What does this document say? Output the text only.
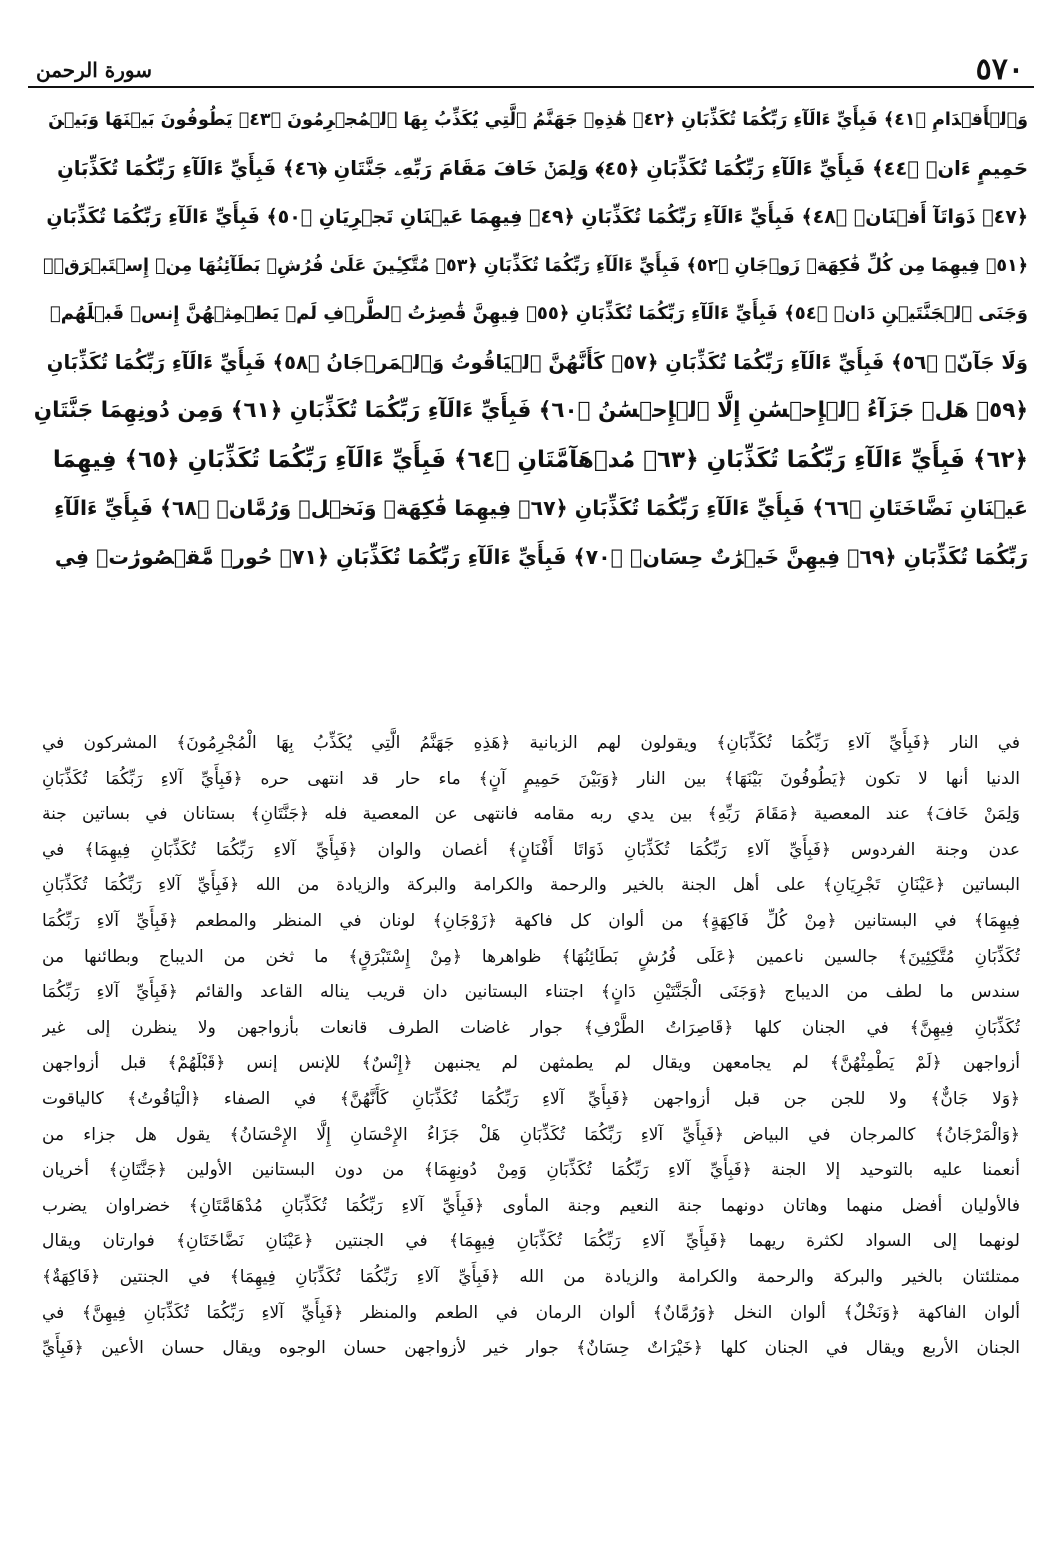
٥٧٠
سورة الرحمن
وَٱلۡأَقۡدَامِ ﴿٤١﴾ فَبِأَيِّ ءَالَآءِ رَبِّكُمَا تُكَذِّبَانِ ﴿٤٢﴾ هَٰذِهِۦ جَهَنَّمُ ٱلَّتِي يُكَذِّبُ بِهَا ٱلۡمُجۡرِمُونَ ﴿٤٣﴾ يَطُوفُونَ بَيۡنَهَا وَبَيۡنَ
حَمِيمٍ ءَانٖ ﴿٤٤﴾ فَبِأَيِّ ءَالَآءِ رَبِّكُمَا تُكَذِّبَانِ ﴿٤٥﴾ وَلِمَنۡ خَافَ مَقَامَ رَبِّهِۦ جَنَّتَانِ ﴿٤٦﴾ فَبِأَيِّ ءَالَآءِ رَبِّكُمَا تُكَذِّبَانِ
﴿٤٧﴾ ذَوَاتَآ أَفۡنَانٖ ﴿٤٨﴾ فَبِأَيِّ ءَالَآءِ رَبِّكُمَا تُكَذِّبَانِ ﴿٤٩﴾ فِيهِمَا عَيۡنَانِ تَجۡرِيَانِ ﴿٥٠﴾ فَبِأَيِّ ءَالَآءِ رَبِّكُمَا تُكَذِّبَانِ
﴿٥١﴾ فِيهِمَا مِن كُلِّ فَٰكِهَةٖ زَوۡجَانِ ﴿٥٢﴾ فَبِأَيِّ ءَالَآءِ رَبِّكُمَا تُكَذِّبَانِ ﴿٥٣﴾ مُتَّكِـِٔينَ عَلَىٰ فُرُشِۭ بَطَآئِنُهَا مِنۡ إِسۡتَبۡرَقٖۚ
وَجَنَى ٱلۡجَنَّتَيۡنِ دَانٖ ﴿٥٤﴾ فَبِأَيِّ ءَالَآءِ رَبِّكُمَا تُكَذِّبَانِ ﴿٥٥﴾ فِيهِنَّ قَٰصِرَٰتُ ٱلطَّرۡفِ لَمۡ يَطۡمِثۡهُنَّ إِنسٞ قَبۡلَهُمۡ
وَلَا جَآنّٞ ﴿٥٦﴾ فَبِأَيِّ ءَالَآءِ رَبِّكُمَا تُكَذِّبَانِ ﴿٥٧﴾ كَأَنَّهُنَّ ٱلۡيَاقُوتُ وَٱلۡمَرۡجَانُ ﴿٥٨﴾ فَبِأَيِّ ءَالَآءِ رَبِّكُمَا تُكَذِّبَانِ
﴿٥٩﴾ هَلۡ جَزَآءُ ٱلۡإِحۡسَٰنِ إِلَّا ٱلۡإِحۡسَٰنُ ﴿٦٠﴾ فَبِأَيِّ ءَالَآءِ رَبِّكُمَا تُكَذِّبَانِ ﴿٦١﴾ وَمِن دُونِهِمَا جَنَّتَانِ
﴿٦٢﴾ فَبِأَيِّ ءَالَآءِ رَبِّكُمَا تُكَذِّبَانِ ﴿٦٣﴾ مُدۡهَآمَّتَانِ ﴿٦٤﴾ فَبِأَيِّ ءَالَآءِ رَبِّكُمَا تُكَذِّبَانِ ﴿٦٥﴾ فِيهِمَا
عَيۡنَانِ نَضَّاخَتَانِ ﴿٦٦﴾ فَبِأَيِّ ءَالَآءِ رَبِّكُمَا تُكَذِّبَانِ ﴿٦٧﴾ فِيهِمَا فَٰكِهَةٞ وَنَخۡلٞ وَرُمَّانٞ ﴿٦٨﴾ فَبِأَيِّ ءَالَآءِ
رَبِّكُمَا تُكَذِّبَانِ ﴿٦٩﴾ فِيهِنَّ خَيۡرَٰتٌ حِسَانٞ ﴿٧٠﴾ فَبِأَيِّ ءَالَآءِ رَبِّكُمَا تُكَذِّبَانِ ﴿٧١﴾ حُورٞ مَّقۡصُورَٰتٞ فِي
في النار ﴿فَبِأَيِّ آلاءِ رَبِّكُمَا تُكَذِّبَانِ﴾ ويقولون لهم الزبانية ﴿هَذِهِ جَهَنَّمُ الَّتِي يُكَذِّبُ بِهَا الْمُجْرِمُونَ﴾ المشركون في
الدنيا أنها لا تكون ﴿يَطُوفُونَ بَيْنَهَا﴾ بين النار ﴿وَبَيْنَ حَمِيمٍ آنٍ﴾ ماء حار قد انتهى حره ﴿فَبِأَيِّ آلاءِ رَبِّكُمَا تُكَذِّبَانِ
وَلِمَنْ خَافَ﴾ عند المعصية ﴿مَقَامَ رَبِّهِ﴾ بين يدي ربه مقامه فانتهى عن المعصية فله ﴿جَنَّتَانِ﴾ بستانان في بساتين جنة
عدن وجنة الفردوس ﴿فَبِأَيِّ آلاءِ رَبِّكُمَا تُكَذِّبَانِ ذَوَاتَا أَفْنَانٍ﴾ أغصان والوان ﴿فَبِأَيِّ آلاءِ رَبِّكُمَا تُكَذِّبَانِ فِيهِمَا﴾ في
البساتين ﴿عَيْنَانِ تَجْرِيَانِ﴾ على أهل الجنة بالخير والرحمة والكرامة والبركة والزيادة من الله ﴿فَبِأَيِّ آلاءِ رَبِّكُمَا تُكَذِّبَانِ
فِيهِمَا﴾ في البستانين ﴿مِنْ كُلِّ فَاكِهَةٍ﴾ من ألوان كل فاكهة ﴿زَوْجَانِ﴾ لونان في المنظر والمطعم ﴿فَبِأَيِّ آلاءِ رَبِّكُمَا
تُكَذِّبَانِ مُتَّكِئِينَ﴾ جالسين ناعمين ﴿عَلَى فُرُشٍ بَطَائِنُهَا﴾ ظواهرها ﴿مِنْ إِسْتَبْرَقٍ﴾ ما ثخن من الديباج وبطائنها من
سندس ما لطف من الديباج ﴿وَجَنَى الْجَنَّتَيْنِ دَانٍ﴾ اجتناء البستانين دان قريب يناله القاعد والقائم ﴿فَبِأَيِّ آلاءِ رَبِّكُمَا
تُكَذِّبَانِ فِيهِنَّ﴾ في الجنان كلها ﴿قَاصِرَاتُ الطَّرْفِ﴾ جوار غاضات الطرف قانعات بأزواجهن ولا ينظرن إلى غير
أزواجهن ﴿لَمْ يَطْمِثْهُنَّ﴾ لم يجامعهن ويقال لم يطمثهن لم يجنبهن ﴿إِنْسٌ﴾ للإنس إنس ﴿قَبْلَهُمْ﴾ قبل أزواجهن
﴿وَلا جَانٌّ﴾ ولا للجن جن قبل أزواجهن ﴿فَبِأَيِّ آلاءِ رَبِّكُمَا تُكَذِّبَانِ كَأَنَّهُنَّ﴾ في الصفاء ﴿الْيَاقُوتُ﴾ كالياقوت
﴿وَالْمَرْجَانُ﴾ كالمرجان في البياض ﴿فَبِأَيِّ آلاءِ رَبِّكُمَا تُكَذِّبَانِ هَلْ جَزَاءُ الإِحْسَانِ إِلَّا الإِحْسَانُ﴾ يقول هل جزاء من
أنعمنا عليه بالتوحيد إلا الجنة ﴿فَبِأَيِّ آلاءِ رَبِّكُمَا تُكَذِّبَانِ وَمِنْ دُونِهِمَا﴾ من دون البستانين الأولين ﴿جَنَّتَانِ﴾ أخريان
فالأوليان أفضل منهما وهاتان دونهما جنة النعيم وجنة المأوى ﴿فَبِأَيِّ آلاءِ رَبِّكُمَا تُكَذِّبَانِ مُدْهَامَّتَانِ﴾ خضراوان يضرب
لونهما إلى السواد لكثرة ريهما ﴿فَبِأَيِّ آلاءِ رَبِّكُمَا تُكَذِّبَانِ فِيهِمَا﴾ في الجنتين ﴿عَيْنَانِ نَضَّاخَتَانِ﴾ فوارتان ويقال
ممتلئتان بالخير والبركة والرحمة والكرامة والزيادة من الله ﴿فَبِأَيِّ آلاءِ رَبِّكُمَا تُكَذِّبَانِ فِيهِمَا﴾ في الجنتين ﴿فَاكِهَةٌ﴾
ألوان الفاكهة ﴿وَنَخْلٌ﴾ ألوان النخل ﴿وَرُمَّانٌ﴾ ألوان الرمان في الطعم والمنظر ﴿فَبِأَيِّ آلاءِ رَبِّكُمَا تُكَذِّبَانِ فِيهِنَّ﴾ في
الجنان الأربع ويقال في الجنان كلها ﴿خَيْرَاتٌ حِسَانٌ﴾ جوار خير لأزواجهن حسان الوجوه ويقال حسان الأعين ﴿فَبِأَيِّ
